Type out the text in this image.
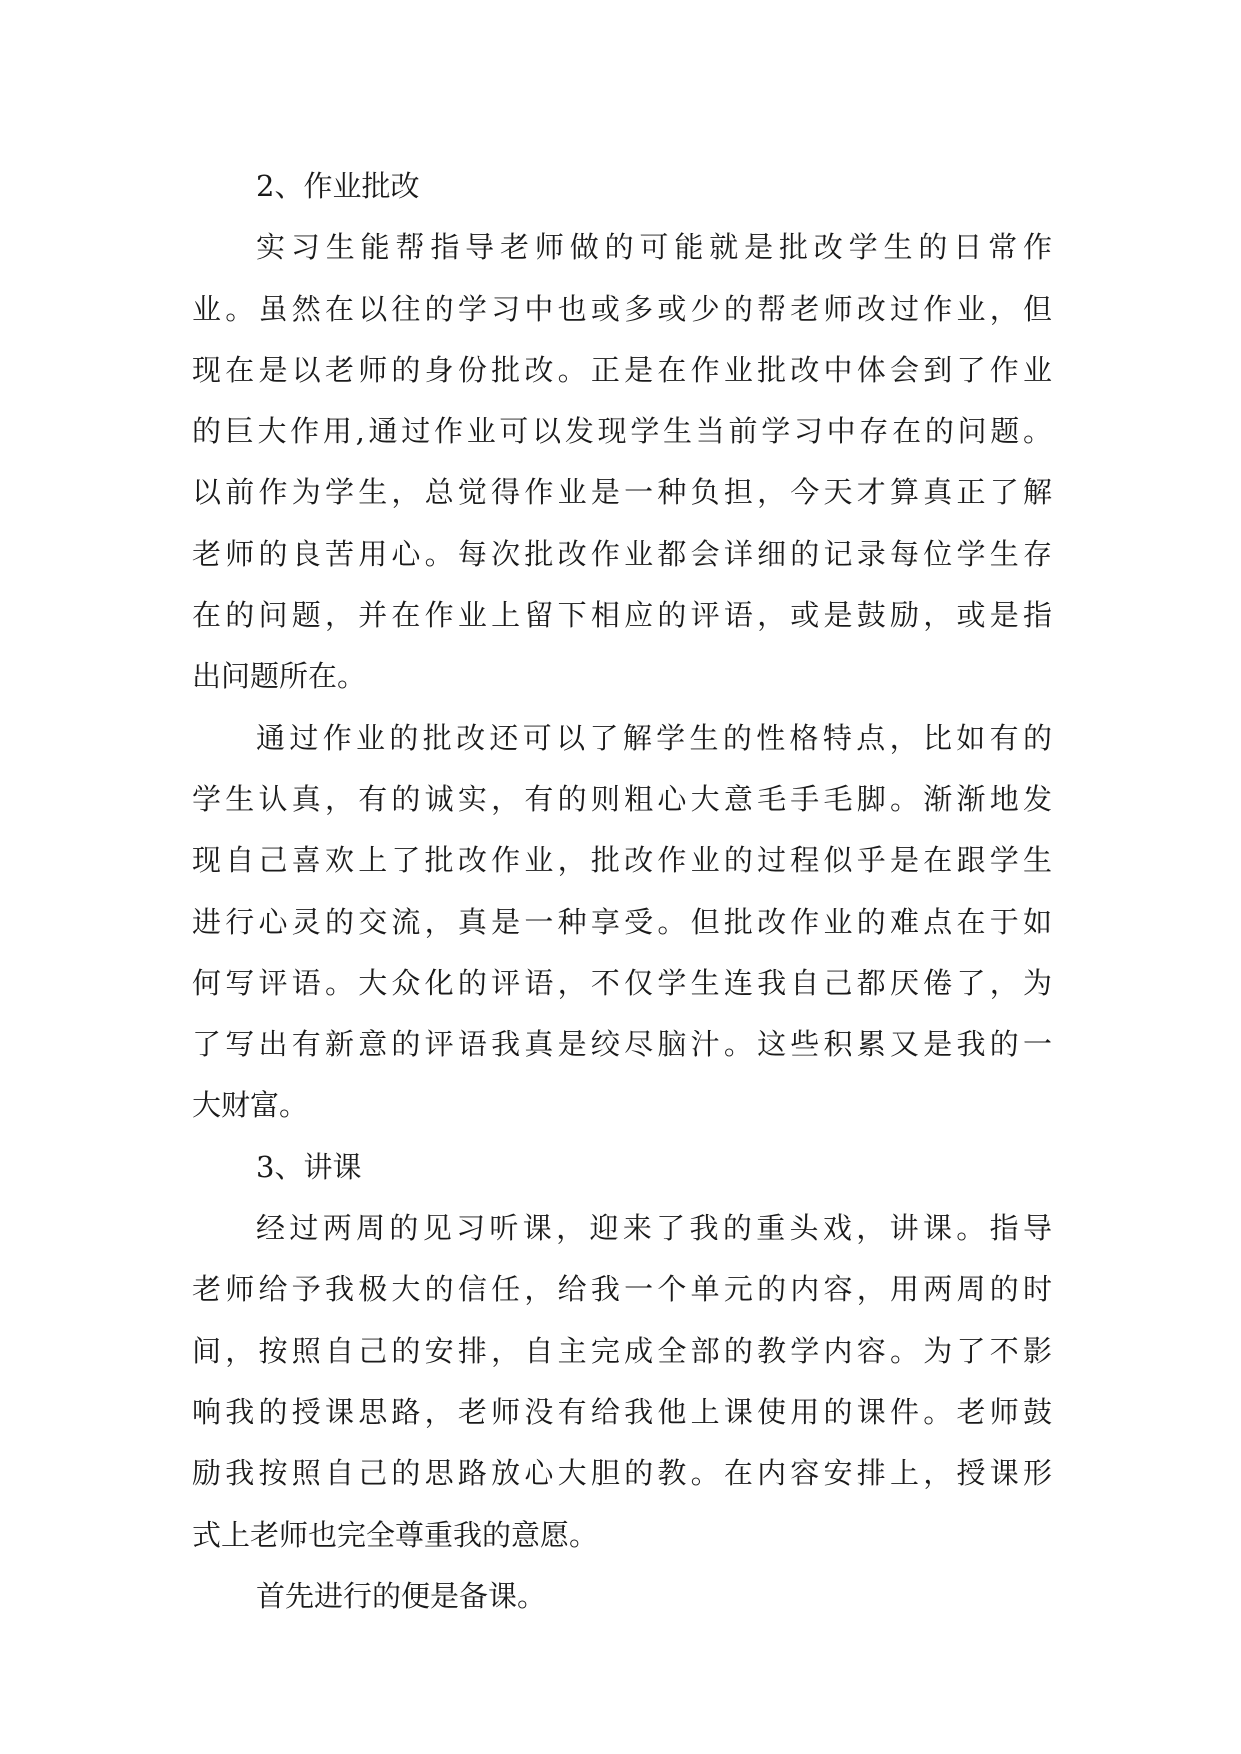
2、作业批改
实习生能帮指导老师做的可能就是批改学生的日常作
业。虽然在以往的学习中也或多或少的帮老师改过作业，但
现在是以老师的身份批改。正是在作业批改中体会到了作业
的巨大作用,通过作业可以发现学生当前学习中存在的问题。
以前作为学生，总觉得作业是一种负担，今天才算真正了解
老师的良苦用心。每次批改作业都会详细的记录每位学生存
在的问题，并在作业上留下相应的评语，或是鼓励，或是指
出问题所在。
通过作业的批改还可以了解学生的性格特点，比如有的
学生认真，有的诚实，有的则粗心大意毛手毛脚。渐渐地发
现自己喜欢上了批改作业，批改作业的过程似乎是在跟学生
进行心灵的交流，真是一种享受。但批改作业的难点在于如
何写评语。大众化的评语，不仅学生连我自己都厌倦了，为
了写出有新意的评语我真是绞尽脑汁。这些积累又是我的一
大财富。
3、讲课
经过两周的见习听课，迎来了我的重头戏，讲课。指导
老师给予我极大的信任，给我一个单元的内容，用两周的时
间，按照自己的安排，自主完成全部的教学内容。为了不影
响我的授课思路，老师没有给我他上课使用的课件。老师鼓
励我按照自己的思路放心大胆的教。在内容安排上，授课形
式上老师也完全尊重我的意愿。
首先进行的便是备课。
